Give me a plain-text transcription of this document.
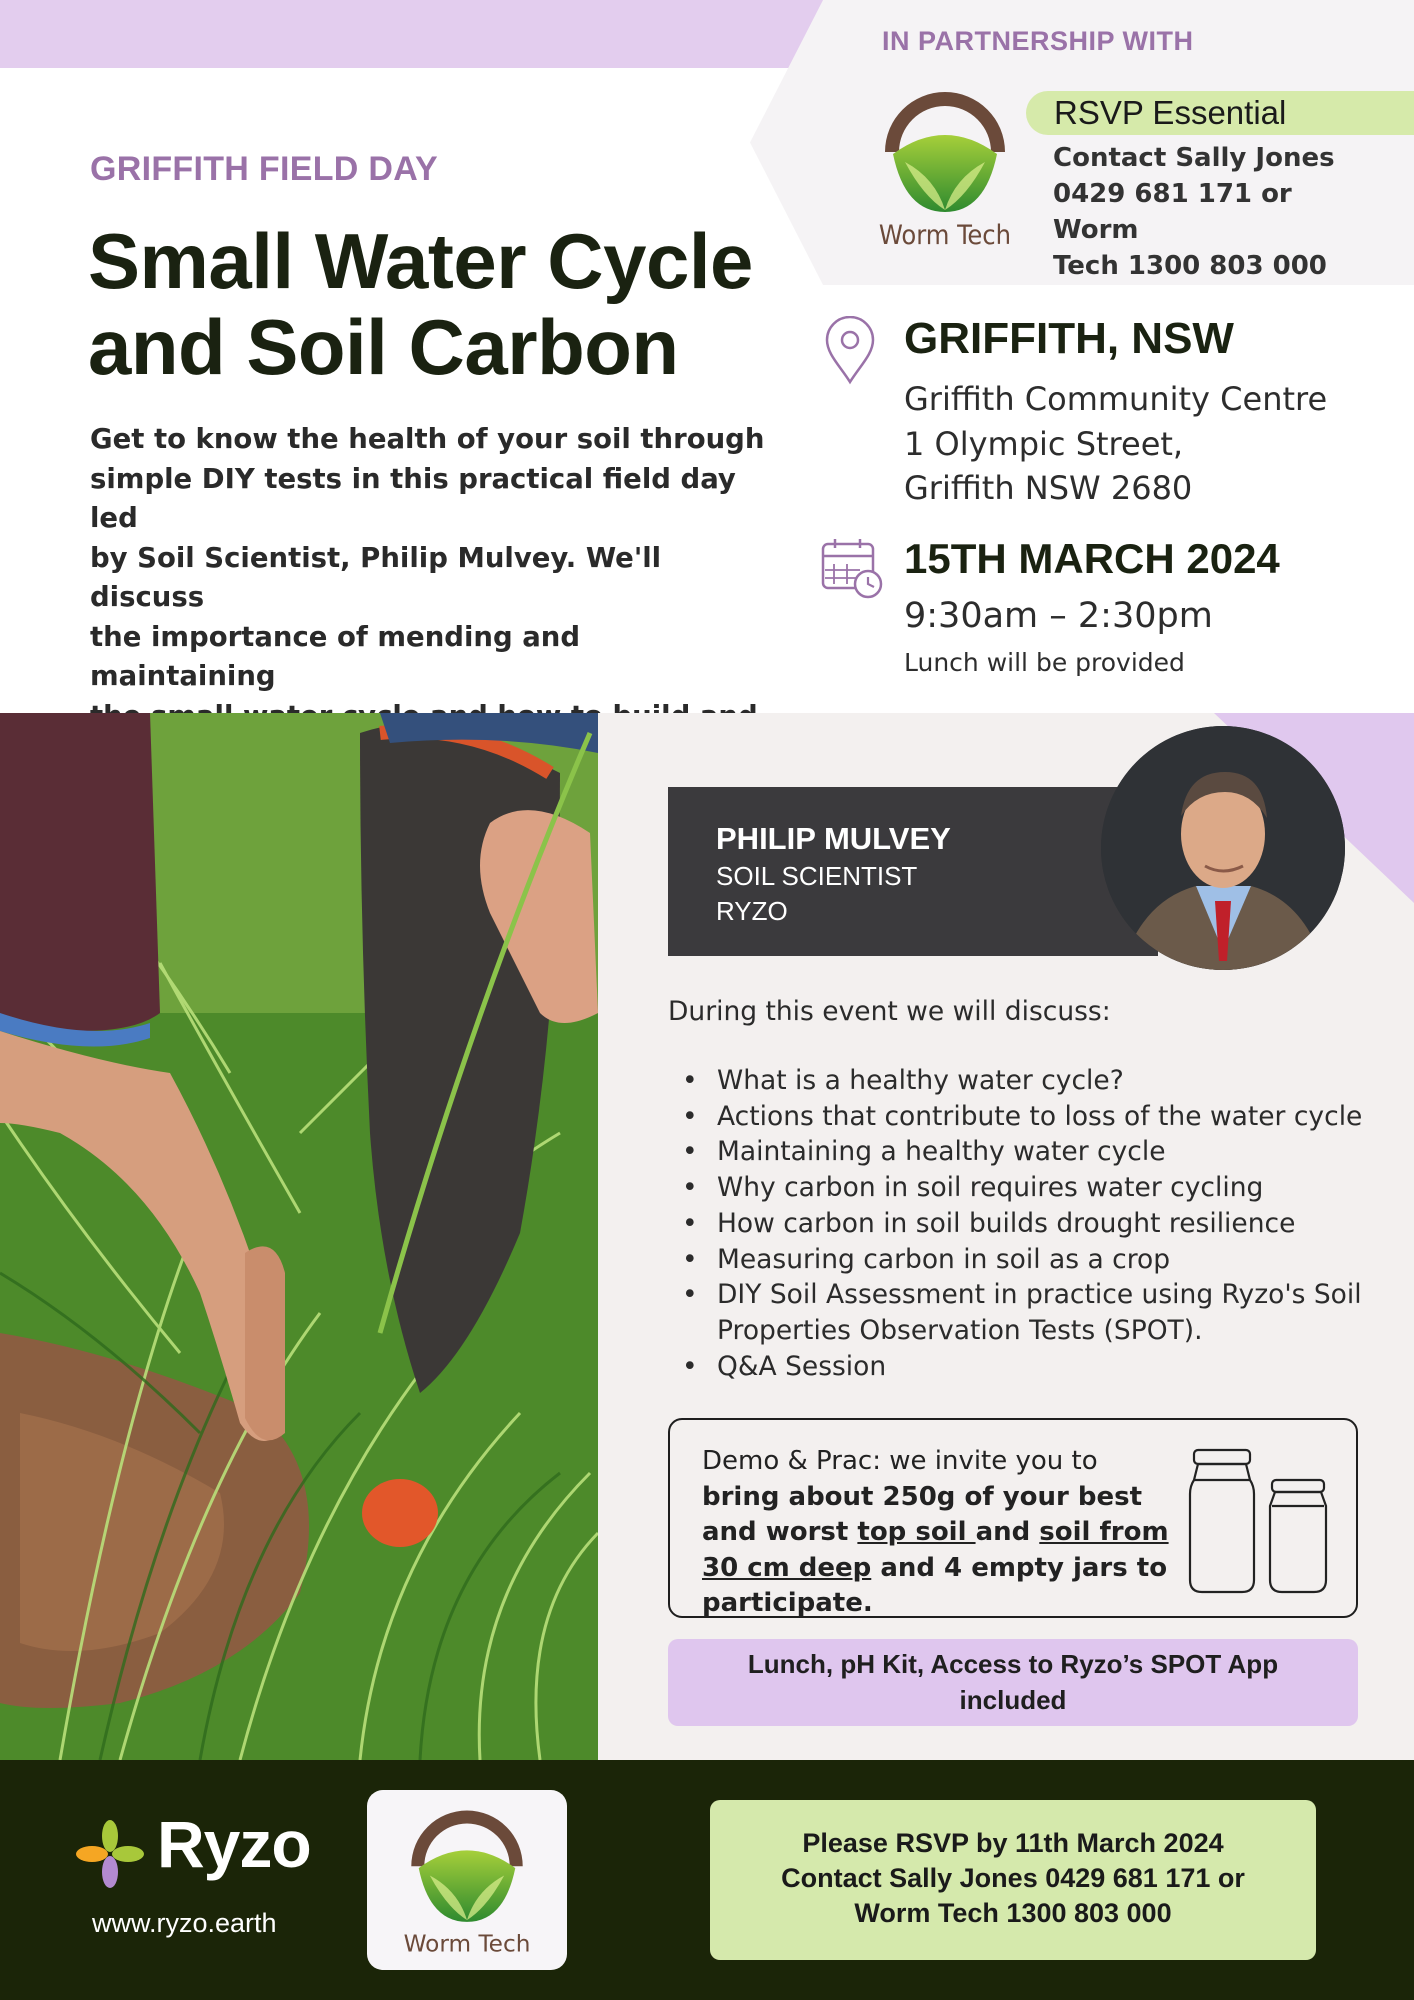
IN PARTNERSHIP WITH
Worm Tech
RSVP Essential
Contact Sally Jones
0429 681 171 or Worm
Tech 1300 803 000
GRIFFITH FIELD DAY
Small Water Cycle
and Soil Carbon
Get to know the health of your soil through
simple DIY tests in this practical field day led
by Soil Scientist, Philip Mulvey. We'll discuss
the importance of mending and maintaining
GRIFFITH, NSW
Griffith Community Centre
1 Olympic Street,
Griffith NSW 2680
15TH MARCH 2024
9:30am – 2:30pm
Lunch will be provided
PHILIP MULVEY
SOIL SCIENTIST
RYZO
During this event we will discuss:
• What is a healthy water cycle?
• Actions that contribute to loss of the water cycle
• Maintaining a healthy water cycle
• Why carbon in soil requires water cycling
• How carbon in soil builds drought resilience
• Measuring carbon in soil as a crop
• DIY Soil Assessment in practice using Ryzo's Soil Properties Observation Tests (SPOT).
• Q&A Session
Demo & Prac: we invite you to bring about 250g of your best and worst top soil and soil from 30 cm deep and 4 empty jars to participate.
Lunch, pH Kit, Access to Ryzo’s SPOT App
included
Ryzo
www.ryzo.earth
Worm Tech
Please RSVP by 11th March 2024
Contact Sally Jones 0429 681 171 or
Worm Tech 1300 803 000
